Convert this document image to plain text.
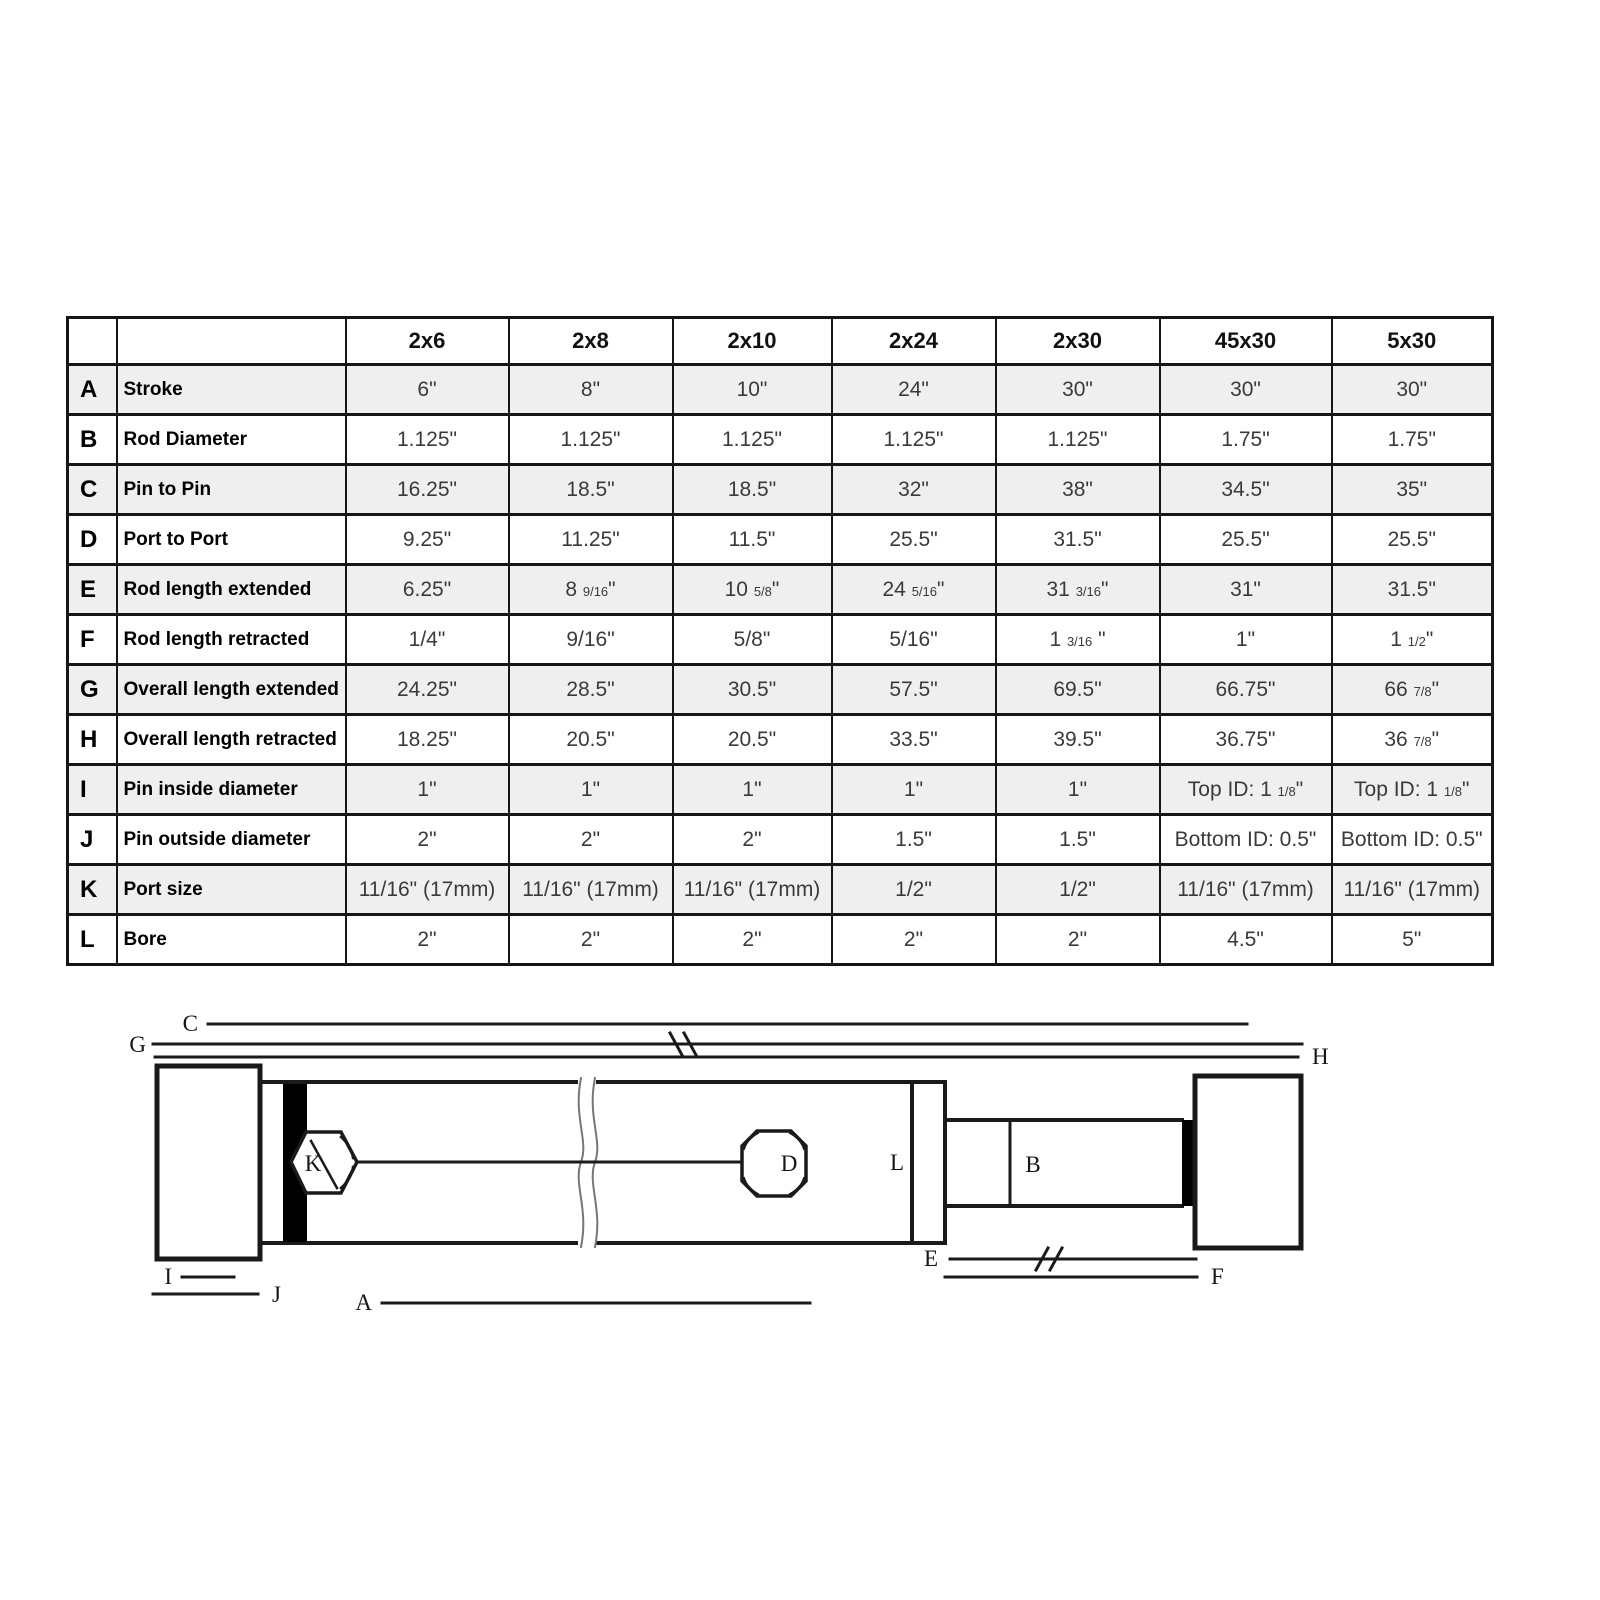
		2x6	2x8	2x10	2x24	2x30	45x30	5x30
A	Stroke	6"	8"	10"	24"	30"	30"	30"
B	Rod Diameter	1.125"	1.125"	1.125"	1.125"	1.125"	1.75"	1.75"
C	Pin to Pin	16.25"	18.5"	18.5"	32"	38"	34.5"	35"
D	Port to Port	9.25"	11.25"	11.5"	25.5"	31.5"	25.5"	25.5"
E	Rod length extended	6.25"	8 9/16"	10 5/8"	24 5/16"	31 3/16"	31"	31.5"
F	Rod length retracted	1/4"	9/16"	5/8"	5/16"	1 3/16 "	1"	1 1/2"
G	Overall length extended	24.25"	28.5"	30.5"	57.5"	69.5"	66.75"	66 7/8"
H	Overall length retracted	18.25"	20.5"	20.5"	33.5"	39.5"	36.75"	36 7/8"
I	Pin inside diameter	1"	1"	1"	1"	1"	Top ID: 1 1/8"	Top ID: 1 1/8"
J	Pin outside diameter	2"	2"	2"	1.5"	1.5"	Bottom ID: 0.5"	Bottom ID: 0.5"
K	Port size	11/16" (17mm)	11/16" (17mm)	11/16" (17mm)	1/2"	1/2"	11/16" (17mm)	11/16" (17mm)
L	Bore	2"	2"	2"	2"	2"	4.5"	5"
C
G	H
K	D	L	B
E
F
I
J	A
